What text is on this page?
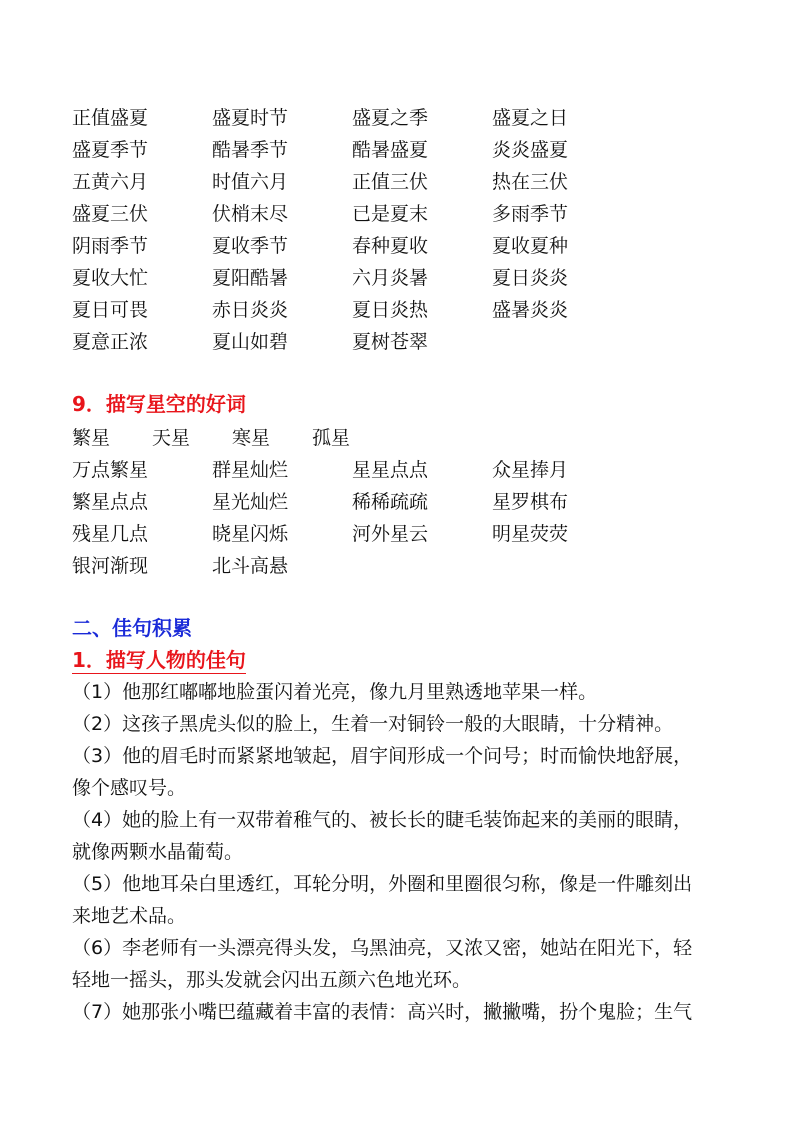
正值盛夏	盛夏时节	盛夏之季	盛夏之日
盛夏季节	酷暑季节	酷暑盛夏	炎炎盛夏
五黄六月	时值六月	正值三伏	热在三伏
盛夏三伏	伏梢末尽	已是夏末	多雨季节
阴雨季节	夏收季节	春种夏收	夏收夏种
夏收大忙	夏阳酷暑	六月炎暑	夏日炎炎
夏日可畏	赤日炎炎	夏日炎热	盛暑炎炎
夏意正浓	夏山如碧	夏树苍翠
9．描写星空的好词
繁星	天星	寒星	孤星
万点繁星	群星灿烂	星星点点	众星捧月
繁星点点	星光灿烂	稀稀疏疏	星罗棋布
残星几点	晓星闪烁	河外星云	明星荧荧
银河渐现	北斗高悬
二、佳句积累
1．描写人物的佳句

（1）他那红嘟嘟地脸蛋闪着光亮，像九月里熟透地苹果一样。

（2）这孩子黑虎头似的脸上，生着一对铜铃一般的大眼睛，十分精神。

（3）他的眉毛时而紧紧地皱起，眉宇间形成一个问号；时而愉快地舒展，

像个感叹号。

（4）她的脸上有一双带着稚气的、被长长的睫毛装饰起来的美丽的眼睛，

就像两颗水晶葡萄。

（5）他地耳朵白里透红，耳轮分明，外圈和里圈很匀称，像是一件雕刻出

来地艺术品。

（6）李老师有一头漂亮得头发，乌黑油亮，又浓又密，她站在阳光下，轻

轻地一摇头，那头发就会闪出五颜六色地光环。

（7）她那张小嘴巴蕴藏着丰富的表情：高兴时，撇撇嘴，扮个鬼脸；生气
